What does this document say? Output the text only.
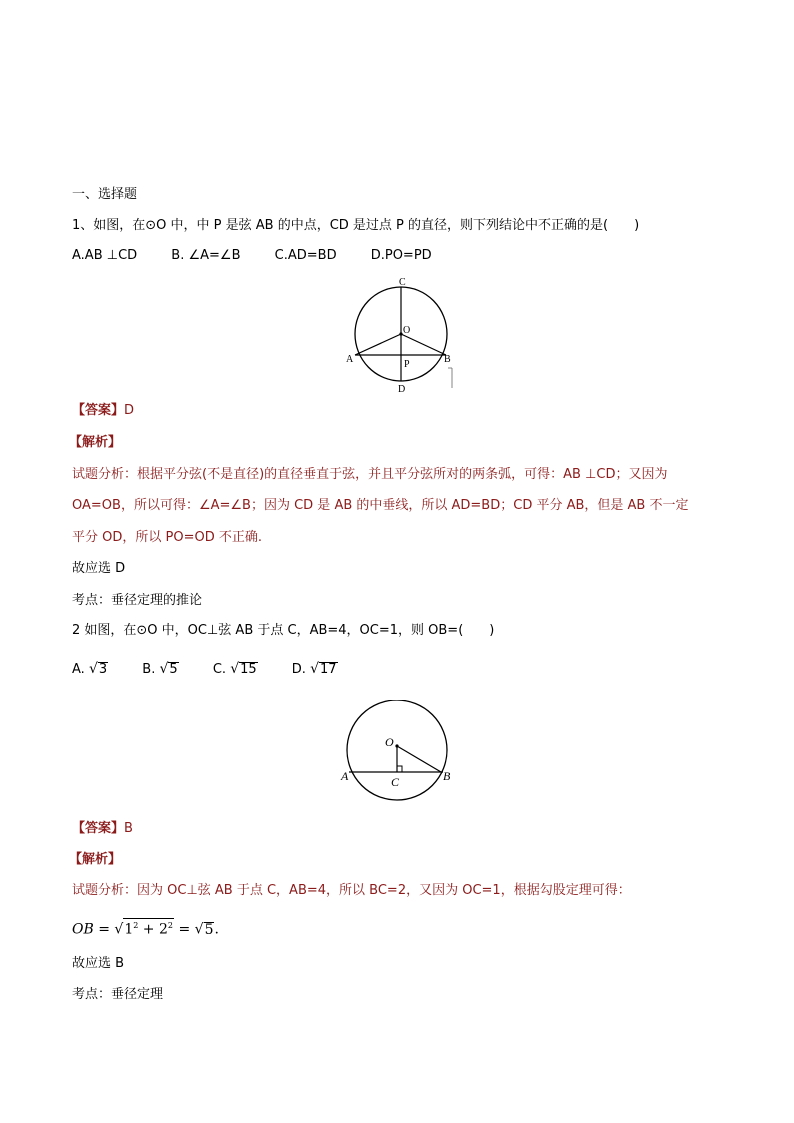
一、选择题
1、如图，在⊙O 中，中 P 是弦 AB 的中点，CD 是过点 P 的直径，则下列结论中不正确的是(　　)
A.AB ⊥CD	B. ∠A=∠B	C.AD=BD	D.PO=PD
C
O
A	P	B
D
【答案】D
【解析】
试题分析：根据平分弦(不是直径)的直径垂直于弦，并且平分弦所对的两条弧，可得：AB ⊥CD；又因为
OA=OB，所以可得：∠A=∠B；因为 CD 是 AB 的中垂线，所以 AD=BD；CD 平分 AB，但是 AB 不一定
平分 OD，所以 PO=OD 不正确.
故应选 D
考点：垂径定理的推论
2 如图，在⊙O 中，OC⊥弦 AB 于点 C，AB=4，OC=1，则 OB=(　　)
A. √3	B. √5	C. √15	D. √17
O
A	C	B
【答案】B
【解析】
试题分析：因为 OC⊥弦 AB 于点 C，AB=4，所以 BC=2，又因为 OC=1，根据勾股定理可得：
OB = $√1^2 + 2^2 = √5$.
故应选 B
考点：垂径定理
